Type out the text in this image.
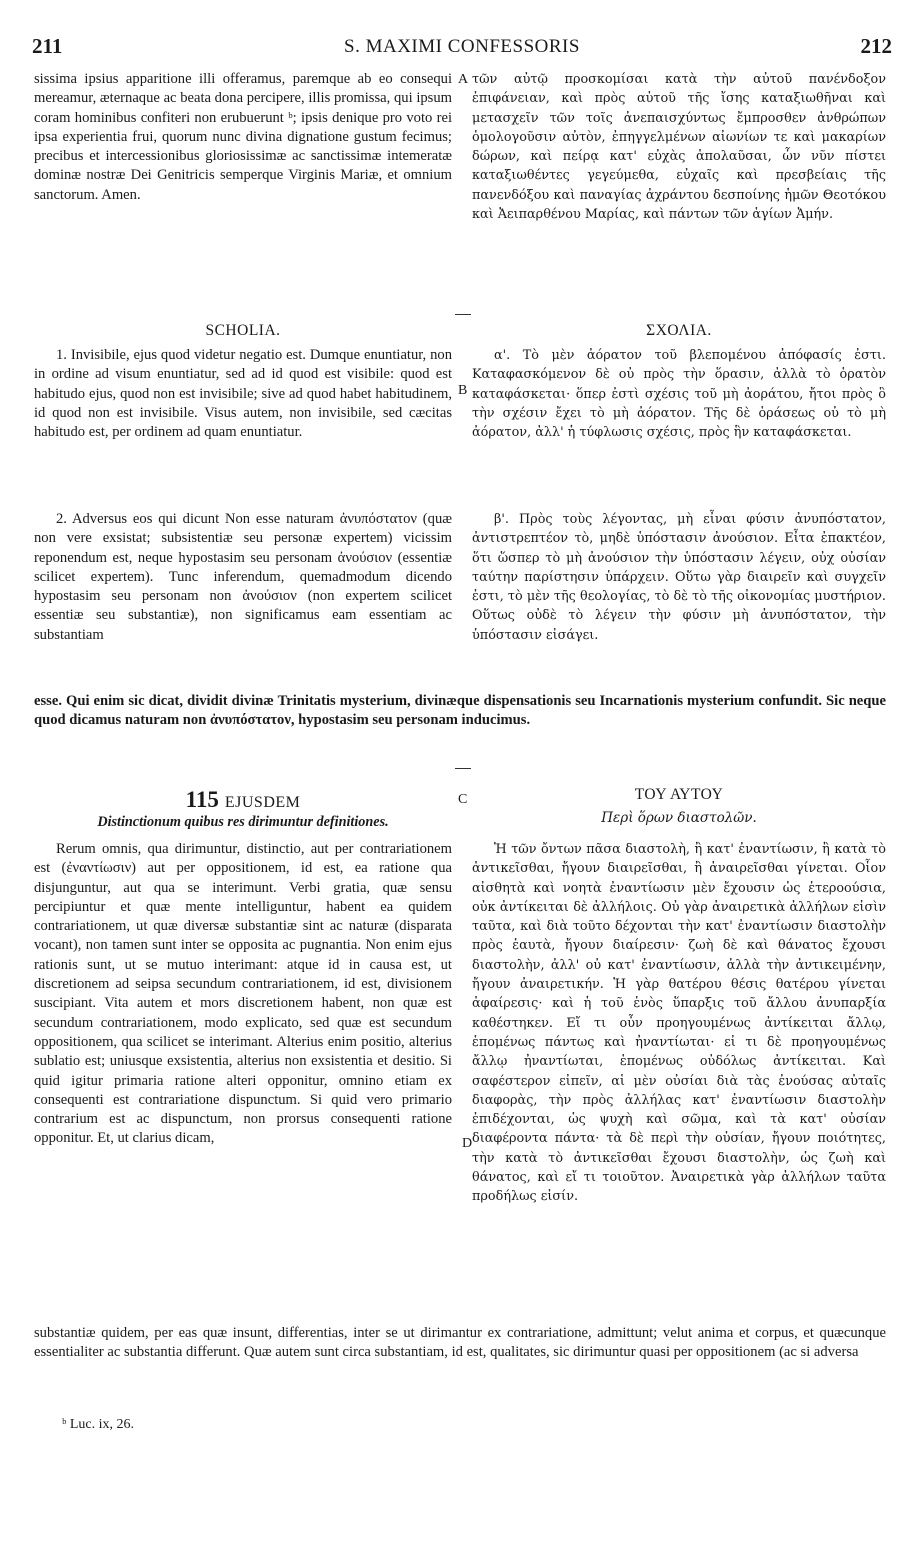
211	S. MAXIMI CONFESSORIS	212

sissima ipsius apparitione illi offeramus, paremque ab eo consequi mereamur, æternaque ac beata dona percipere, illis promissa, qui ipsum coram hominibus confiteri non erubuerunt ᵇ; ipsis denique pro voto rei ipsa experientia frui, quorum nunc divina dignatione gustum fecimus; precibus et intercessionibus gloriosissimæ ac sanctissimæ intemeratæ dominæ nostræ Dei Genitricis semperque Virginis Mariæ, et omnium sanctorum. Amen.

A τῶν αὐτῷ προσκομίσαι κατὰ τὴν αὐτοῦ πανένδοξον ἐπιφάνειαν, καὶ πρὸς αὐτοῦ τῆς ἴσης καταξιωθῆναι καὶ μετασχεῖν τῶν τοῖς ἀνεπαισχύντως ἔμπροσθεν ἀνθρώπων ὁμολογοῦσιν αὐτὸν, ἐπηγγελμένων αἰωνίων τε καὶ μακαρίων δώρων, καὶ πείρᾳ κατ' εὐχὰς ἀπολαῦσαι, ὧν νῦν πίστει καταξιωθέντες γεγεύμεθα, εὐχαῖς καὶ πρεσβείαις τῆς πανενδόξου καὶ παναγίας ἀχράντου δεσποίνης ἡμῶν Θεοτόκου καὶ Ἀειπαρθένου Μαρίας, καὶ πάντων τῶν ἁγίων Ἀμήν.

SCHOLIA.	ΣΧΟΛΙΑ.

1. Invisibile, ejus quod videtur negatio est. Dumque enuntiatur, non in ordine ad visum enuntiatur, sed ad id quod est visibile: quod est habitudo ejus, quod non est invisibile; sive ad quod habet habitudinem, id quod non est invisibile. Visus autem, non invisibile, sed cæcitas habitudo est, per ordinem ad quam enuntiatur.

B

α'. Τὸ μὲν ἀόρατον τοῦ βλεπομένου ἀπόφασίς ἐστι. Καταφασκόμενον δὲ οὐ πρὸς τὴν ὅρασιν, ἀλλὰ τὸ ὁρατὸν καταφάσκεται· ὅπερ ἐστὶ σχέσις τοῦ μὴ ἀοράτου, ἤτοι πρὸς ὃ τὴν σχέσιν ἔχει τὸ μὴ ἀόρατον. Τῆς δὲ ὁράσεως οὐ τὸ μὴ ἀόρατον, ἀλλ' ἡ τύφλωσις σχέσις, πρὸς ἣν καταφάσκεται.

2. Adversus eos qui dicunt Non esse naturam ἀνυπόστατον (quæ non vere exsistat; subsistentiæ seu personæ expertem) vicissim reponendum est, neque hypostasim seu personam ἀνούσιον (essentiæ scilicet expertem). Tunc inferendum, quemadmodum dicendo hypostasim seu personam non ἀνούσιον (non expertem scilicet essentiæ seu substantiæ), non significamus eam essentiam ac substantiam

β'. Πρὸς τοὺς λέγοντας, μὴ εἶναι φύσιν ἀνυπόστατον, ἀντιστρεπτέον τὸ, μηδὲ ὑπόστασιν ἀνούσιον. Εἶτα ἐπακτέον, ὅτι ὥσπερ τὸ μὴ ἀνούσιον τὴν ὑπόστασιν λέγειν, οὐχ οὐσίαν ταύτην παρίστησιν ὑπάρχειν. Οὕτω γὰρ διαιρεῖν καὶ συγχεῖν ἐστι, τὸ μὲν τῆς θεολογίας, τὸ δὲ τὸ τῆς οἰκονομίας μυστήριον. Οὕτως οὐδὲ τὸ λέγειν τὴν φύσιν μὴ ἀνυπόστατον, τὴν ὑπόστασιν εἰσάγει.

esse. Qui enim sic dicat, dividit divinæ Trinitatis mysterium, divinæque dispensationis seu Incarnationis mysterium confundit. Sic neque quod dicamus naturam non ἀνυπόστατον, hypostasim seu personam inducimus.

115 EJUSDEM
Distinctionum quibus res dirimuntur definitiones.
C	ΤΟΥ ΑΥΤΟΥ
Περὶ ὅρων διαστολῶν.

Rerum omnis, qua dirimuntur, distinctio, aut per contrariationem est (ἐναντίωσιν) aut per oppositionem, id est, ea ratione qua disjunguntur, aut qua se interimunt. Verbi gratia, quæ sensu percipiuntur et quæ mente intelliguntur, habent ea quidem contrariationem, ut quæ diversæ substantiæ sint ac naturæ (disparata vocant), non tamen sunt inter se opposita ac pugnantia. Non enim ejus rationis sunt, ut se mutuo interimant: atque id in causa est, ut discretionem ad seipsa secundum contrariationem, id est, divisionem suscipiant. Vita autem et mors discretionem habent, non quæ est secundum contrariationem, modo explicato, sed quæ est secundum oppositionem, qua scilicet se interimant. Alterius enim positio, alterius sublatio est; uniusque exsistentia, alterius non exsistentia et desitio. Si quid igitur primaria ratione alteri opponitur, omnino etiam ex consequenti est contrariatione dispunctum. Si quid vero primario contrarium est ac dispunctum, non prorsus consequenti ratione opponitur. Et, ut clarius dicam,	D

Ἡ τῶν ὄντων πᾶσα διαστολὴ, ἢ κατ' ἐναντίωσιν, ἢ κατὰ τὸ ἀντικεῖσθαι, ἤγουν διαιρεῖσθαι, ἢ ἀναιρεῖσθαι γίνεται. Οἷον αἰσθητὰ καὶ νοητὰ ἐναντίωσιν μὲν ἔχουσιν ὡς ἑτεροούσια, οὐκ ἀντίκειται δὲ ἀλλήλοις. Οὐ γὰρ ἀναιρετικὰ ἀλλήλων εἰσὶν ταῦτα, καὶ διὰ τοῦτο δέχονται τὴν κατ' ἐναντίωσιν διαστολὴν πρὸς ἑαυτὰ, ἤγουν διαίρεσιν· ζωὴ δὲ καὶ θάνατος ἔχουσι διαστολὴν, ἀλλ' οὐ κατ' ἐναντίωσιν, ἀλλὰ τὴν ἀντικειμένην, ἤγουν ἀναιρετικήν. Ἡ γὰρ θατέρου θέσις θατέρου γίνεται ἀφαίρεσις· καὶ ἡ τοῦ ἑνὸς ὕπαρξις τοῦ ἄλλου ἀνυπαρξία καθέστηκεν. Εἴ τι οὖν προηγουμένως ἀντίκειται ἄλλῳ, ἑπομένως πάντως καὶ ἠναντίωται· εἰ τι δὲ προηγουμένως ἄλλῳ ἠναντίωται, ἑπομένως οὐδόλως ἀντίκειται. Καὶ σαφέστερον εἰπεῖν, αἱ μὲν οὐσίαι διὰ τὰς ἐνούσας αὐταῖς διαφορὰς, τὴν πρὸς ἀλλήλας κατ' ἐναντίωσιν διαστολὴν ἐπιδέχονται, ὡς ψυχὴ καὶ σῶμα, καὶ τὰ κατ' οὐσίαν διαφέροντα πάντα· τὰ δὲ περὶ τὴν οὐσίαν, ἤγουν ποιότητες, τὴν κατὰ τὸ ἀντικεῖσθαι ἔχουσι διαστολὴν, ὡς ζωὴ καὶ θάνατος, καὶ εἴ τι τοιοῦτον. Ἀναιρετικὰ γὰρ ἀλλήλων ταῦτα προδήλως εἰσίν.

substantiæ quidem, per eas quæ insunt, differentias, inter se ut dirimantur ex contrariatione, admittunt; velut anima et corpus, et quæcunque essentialiter ac substantia differunt. Quæ autem sunt circa substantiam, id est, qualitates, sic dirimuntur quasi per oppositionem (ac si adversa

ᵇ Luc. ix, 26.
